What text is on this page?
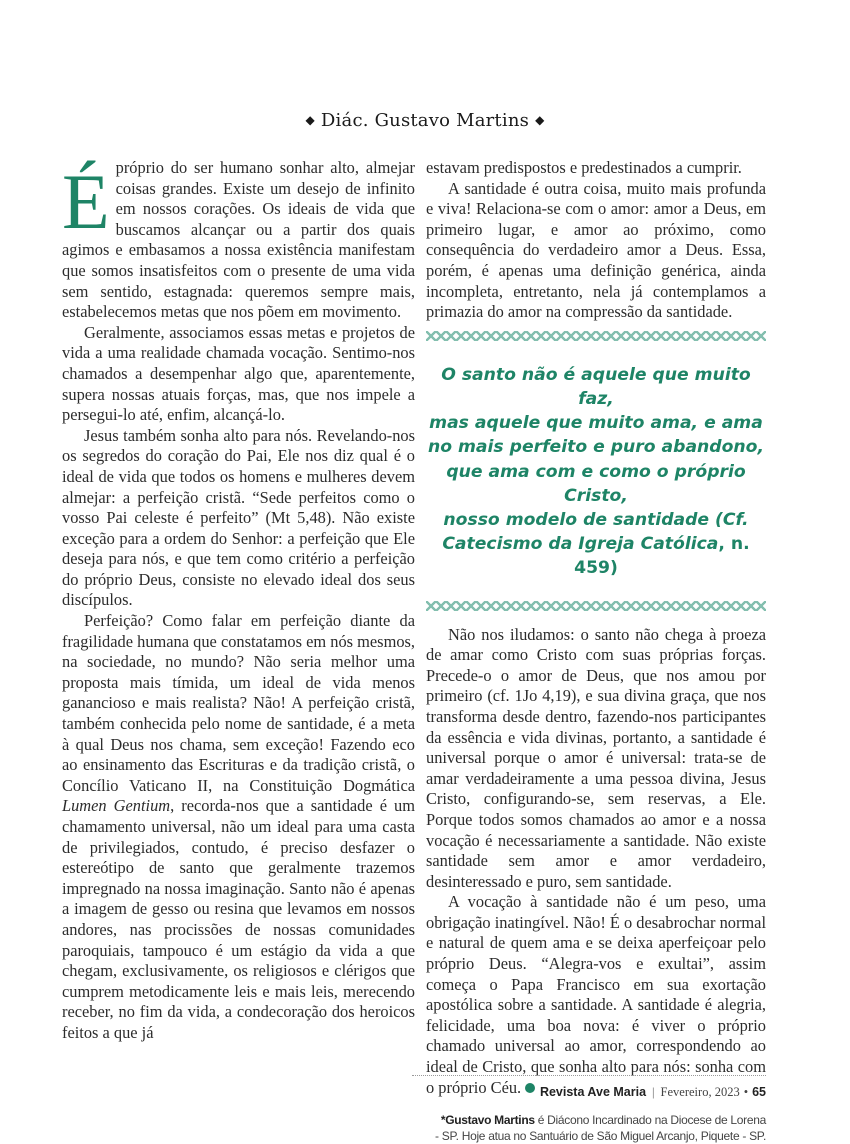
◆ Diác. Gustavo Martins ◆

Épróprio do ser humano sonhar alto, almejar coisas grandes. Existe um desejo de infinito em nossos corações. Os ideais de vida que buscamos alcançar ou a partir dos quais agimos e embasamos a nossa existência manifestam que somos insatisfeitos com o presente de uma vida sem sentido, estagnada: queremos sempre mais, estabelecemos metas que nos põem em movimento.

Geralmente, associamos essas metas e projetos de vida a uma realidade chamada vocação. Sentimo-nos chamados a desempenhar algo que, aparentemente, supera nossas atuais forças, mas, que nos impele a persegui-lo até, enfim, alcançá-lo.

Jesus também sonha alto para nós. Revelando-nos os segredos do coração do Pai, Ele nos diz qual é o ideal de vida que todos os homens e mulheres devem almejar: a perfeição cristã. “Sede perfeitos como o vosso Pai celeste é perfeito” (Mt 5,48). Não existe exceção para a ordem do Senhor: a perfeição que Ele deseja para nós, e que tem como critério a perfeição do próprio Deus, consiste no elevado ideal dos seus discípulos.

Perfeição? Como falar em perfeição diante da fragilidade humana que constatamos em nós mesmos, na sociedade, no mundo? Não seria melhor uma proposta mais tímida, um ideal de vida menos ganancioso e mais realista? Não! A perfeição cristã, também conhecida pelo nome de santidade, é a meta à qual Deus nos chama, sem exceção! Fazendo eco ao ensinamento das Escrituras e da tradição cristã, o Concílio Vaticano II, na Constituição Dogmática Lumen Gentium, recorda-nos que a santidade é um chamamento universal, não um ideal para uma casta de privilegiados, contudo, é preciso desfazer o estereótipo de santo que geralmente trazemos impregnado na nossa imaginação. Santo não é apenas a imagem de gesso ou resina que levamos em nossos andores, nas procissões de nossas comunidades paroquiais, tampouco é um estágio da vida a que chegam, exclusivamente, os religiosos e clérigos que cumprem metodicamente leis e mais leis, merecendo receber, no fim da vida, a condecoração dos heroicos feitos a que já

estavam predispostos e predestinados a cumprir.

A santidade é outra coisa, muito mais profunda e viva! Relaciona-se com o amor: amor a Deus, em primeiro lugar, e amor ao próximo, como consequência do verdadeiro amor a Deus. Essa, porém, é apenas uma definição genérica, ainda incompleta, entretanto, nela já contemplamos a primazia do amor na compressão da santidade.

O santo não é aquele que muito faz,
mas aquele que muito ama, e ama
no mais perfeito e puro abandono,
que ama com e como o próprio Cristo,
nosso modelo de santidade (Cf.
Catecismo da Igreja Católica, n. 459)

Não nos iludamos: o santo não chega à proeza de amar como Cristo com suas próprias forças. Precede-o o amor de Deus, que nos amou por primeiro (cf. 1Jo 4,19), e sua divina graça, que nos transforma desde dentro, fazendo-nos participantes da essência e vida divinas, portanto, a santidade é universal porque o amor é universal: trata-se de amar verdadeiramente a uma pessoa divina, Jesus Cristo, configurando-se, sem reservas, a Ele. Porque todos somos chamados ao amor e a nossa vocação é necessariamente a santidade. Não existe santidade sem amor e amor verdadeiro, desinteressado e puro, sem santidade.

A vocação à santidade não é um peso, uma obrigação inatingível. Não! É o desabrochar normal e natural de quem ama e se deixa aperfeiçoar pelo próprio Deus. “Alegra-vos e exultai”, assim começa o Papa Francisco em sua exortação apostólica sobre a santidade. A santidade é alegria, felicidade, uma boa nova: é viver o próprio chamado universal ao amor, correspondendo ao ideal de Cristo, que sonha alto para nós: sonha com o próprio Céu.

*Gustavo Martins é Diácono Incardinado na Diocese de Lorena
- SP. Hoje atua no Santuário de São Miguel Arcanjo, Piquete - SP.
Revista Ave Maria | Fevereiro, 2023 • 65
